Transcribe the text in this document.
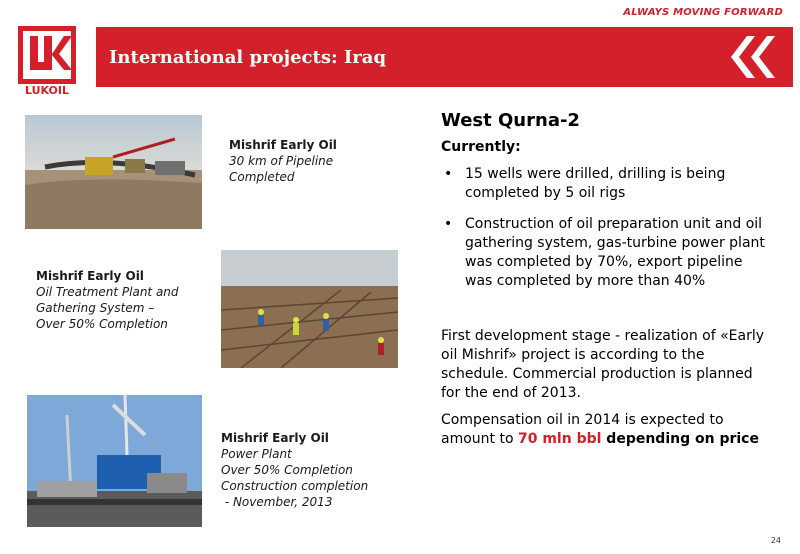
ALWAYS MOVING FORWARD
LUKOIL
International projects: Iraq
Mishrif Early Oil
30 km of Pipeline
Completed
Mishrif Early Oil
Oil Treatment Plant and
Gathering System –
Over 50% Completion
Mishrif Early Oil
Power Plant
Over 50% Completion
Construction completion
- November, 2013
West Qurna-2
Currently:
• 15 wells were drilled, drilling is being completed by 5 oil rigs
• Construction of oil preparation unit and oil gathering system, gas-turbine power plant was completed by 70%, export pipeline was completed by more than 40%

First development stage - realization of «Early oil Mishrif» project is according to the schedule. Commercial production is planned for the end of 2013.

Compensation oil in 2014 is expected to amount to 70 mln bbl depending on price

24
